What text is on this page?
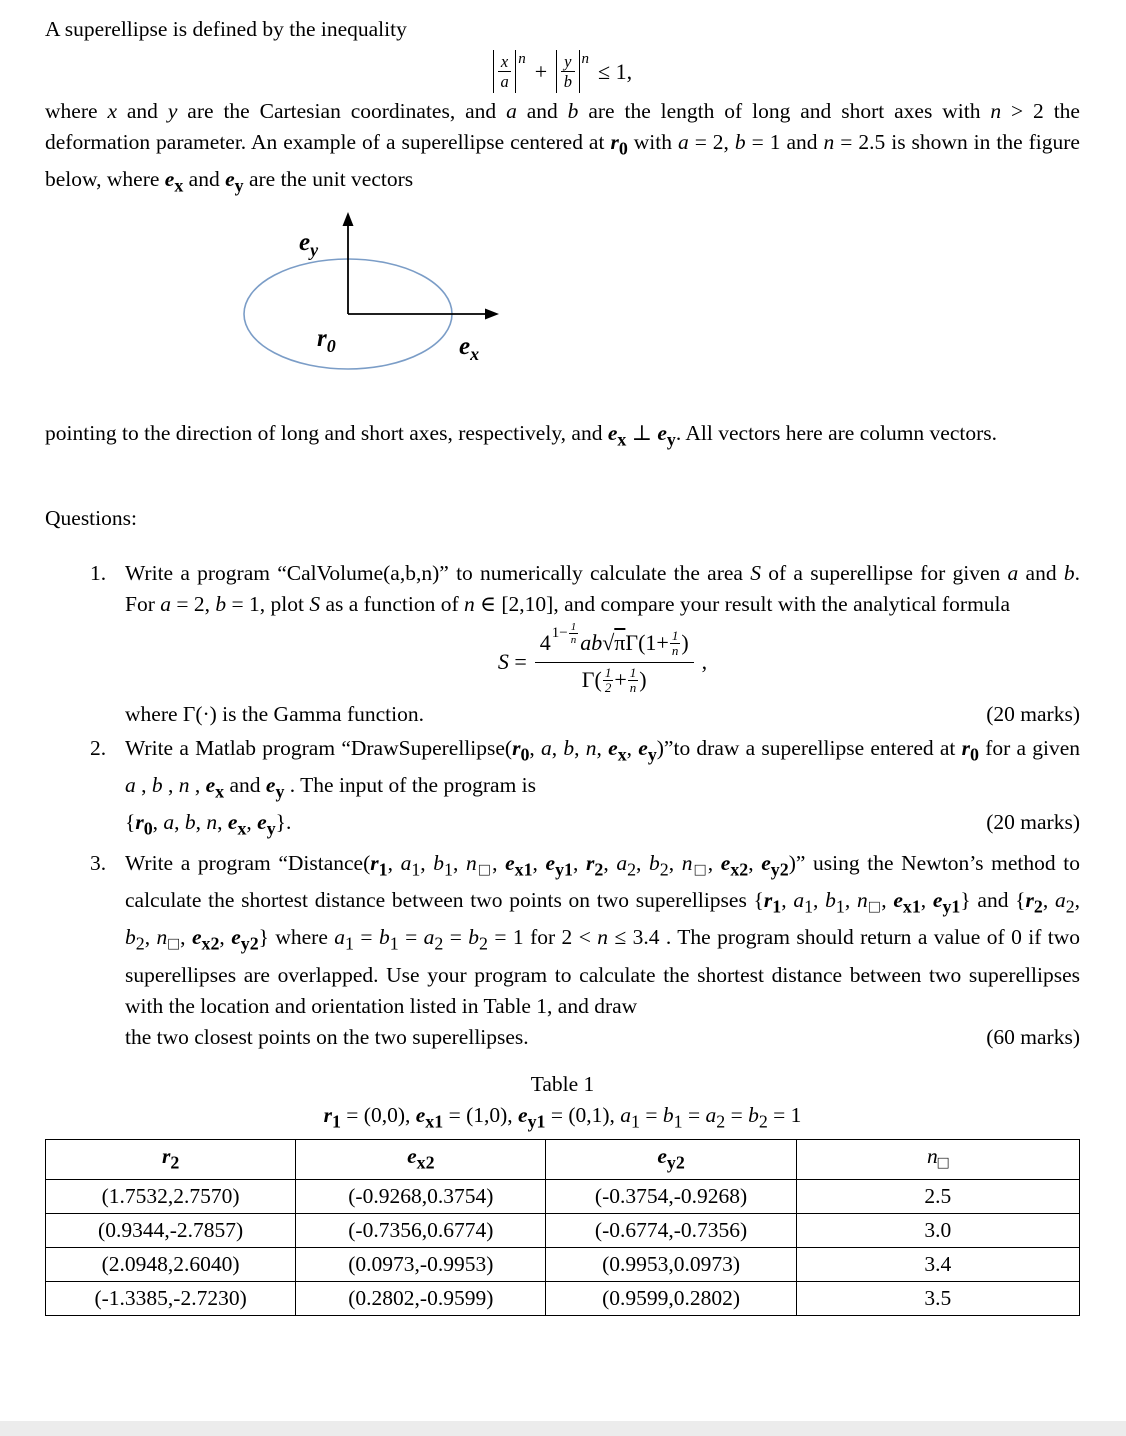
A superellipse is defined by the inequality

$\frac{x}{a} ^n + \frac{y}{b} ^n \le 1$,

where x and y are the Cartesian coordinates, and a and b are the length of long and short axes with n > 2 the deformation parameter. An example of a superellipse centered at $r_0$ with a = 2, b = 1 and n = 2.5 is shown in the figure below, where $e_x$ and $e_y$ are the unit vectors

$e_y$
$r_0$	$e_x$

pointing to the direction of long and short axes, respectively, and $e_x$ ⊥ $e_y$. All vectors here are column vectors.

Questions:

1. Write a program “CalVolume(a,b,n)” to numerically calculate the area S of a superellipse for given a and b. For a = 2, b = 1, plot S as a function of n ∈ [2,10], and compare your result with the analytical formula

S = 4 $^{1- \frac{1}{n}}$ ab √ π $\Gamma(1+ \frac{1}{n}$ )
Γ( 1
$2 + \frac{1}{n}$ ) ,
where Γ(·) is the Gamma function.	(20 marks)
2. Write a Matlab program “$DrawSuperellipse(r_0$, a, b, n, $e_x$, $e_y)”to$ draw a superellipse entered at $r_0$ for a given a , b , n , $e_x$ and $e_y$ . The input of the program is

{$r_0$, a, b, n, $e_x$, $e_y$}.	(20 marks)
3. Write a program “$Distance(r_1$, $a_1$, $b_1$, $n_□$, $e_{x1}$, $e_{y1}$, $r_2$, $a_2$, $b_2$, $n_□$, $e_{x2}$, $e_{y2}$)” using the Newton’s method to calculate the shortest distance between two points on two superellipses {$r_1$, $a_1$, $b_1$, $n_□$, $e_{x1}$, $e_{y1}$} and {$r_2$, $a_2$, $b_2$, $n_□$, $e_{x2}$, $e_{y2}$} where $a_1 = b_1 = a_2 = b_2 = 1$ for 2 < n ≤ 3.4 . The program should return a value of 0 if two superellipses are overlapped. Use your program to calculate the shortest distance between two superellipses with the location and orientation listed in Table 1, and draw

the two closest points on the two superellipses.	(60 marks)

Table 1

$r_1 = (0,0)$, $e_{x1} = (1,0)$, $e_{y1} = (0,1)$, $a_1 = b_1 = a_2 = b_2 = 1$

$r_2$	$e_{x2}$	$e_{y2}$	$n_□$
(1.7532,2.7570)	(-0.9268,0.3754)	(-0.3754,-0.9268)	2.5
(0.9344,-2.7857)	(-0.7356,0.6774)	(-0.6774,-0.7356)	3.0
(2.0948,2.6040)	(0.0973,-0.9953)	(0.9953,0.0973)	3.4
(-1.3385,-2.7230)	(0.2802,-0.9599)	(0.9599,0.2802)	3.5
